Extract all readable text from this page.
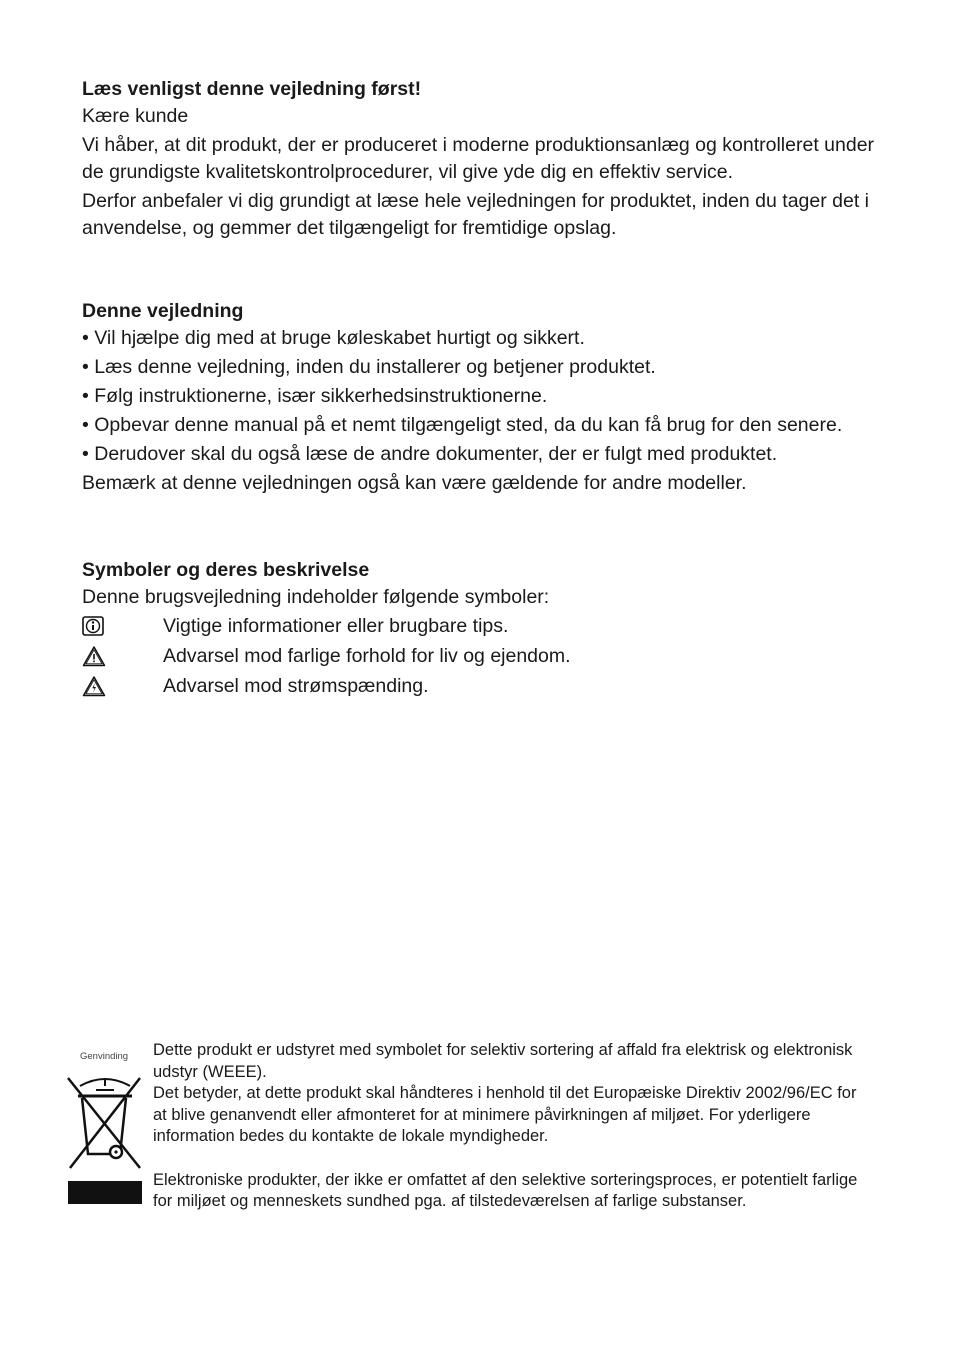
Læs venligst denne vejledning først!

Kære kunde

Vi håber, at dit produkt, der er produceret i moderne produktionsanlæg og kontrolleret under de grundigste kvalitetskontrolprocedurer, vil give yde dig en effektiv service.

Derfor anbefaler vi dig grundigt at læse hele vejledningen for produktet, inden du tager det i anvendelse, og gemmer det tilgængeligt for fremtidige opslag.

Denne vejledning

• Vil hjælpe dig med at bruge køleskabet hurtigt og sikkert.

• Læs denne vejledning, inden du installerer og betjener produktet.

• Følg instruktionerne, især sikkerhedsinstruktionerne.

• Opbevar denne manual på et nemt tilgængeligt sted, da du kan få brug for den senere.

• Derudover skal du også læse de andre dokumenter, der er fulgt med produktet.

Bemærk at denne vejledningen også kan være gældende for andre modeller.

Symboler og deres beskrivelse

Denne brugsvejledning indeholder følgende symboler:

Vigtige informationer eller brugbare tips.
Advarsel mod farlige forhold for liv og ejendom.
Advarsel mod strømspænding.
Genvinding Dette produkt er udstyret med symbolet for selektiv sortering af affald fra elektrisk og elektronisk udstyr (WEEE).

Det betyder, at dette produkt skal håndteres i henhold til det Europæiske Direktiv 2002/96/EC for at blive genanvendt eller afmonteret for at minimere påvirkningen af miljøet. For yderligere information bedes du kontakte de lokale myndigheder.

Elektroniske produkter, der ikke er omfattet af den selektive sorteringsproces, er potentielt farlige for miljøet og menneskets sundhed pga. af tilstedeværelsen af farlige substanser.
